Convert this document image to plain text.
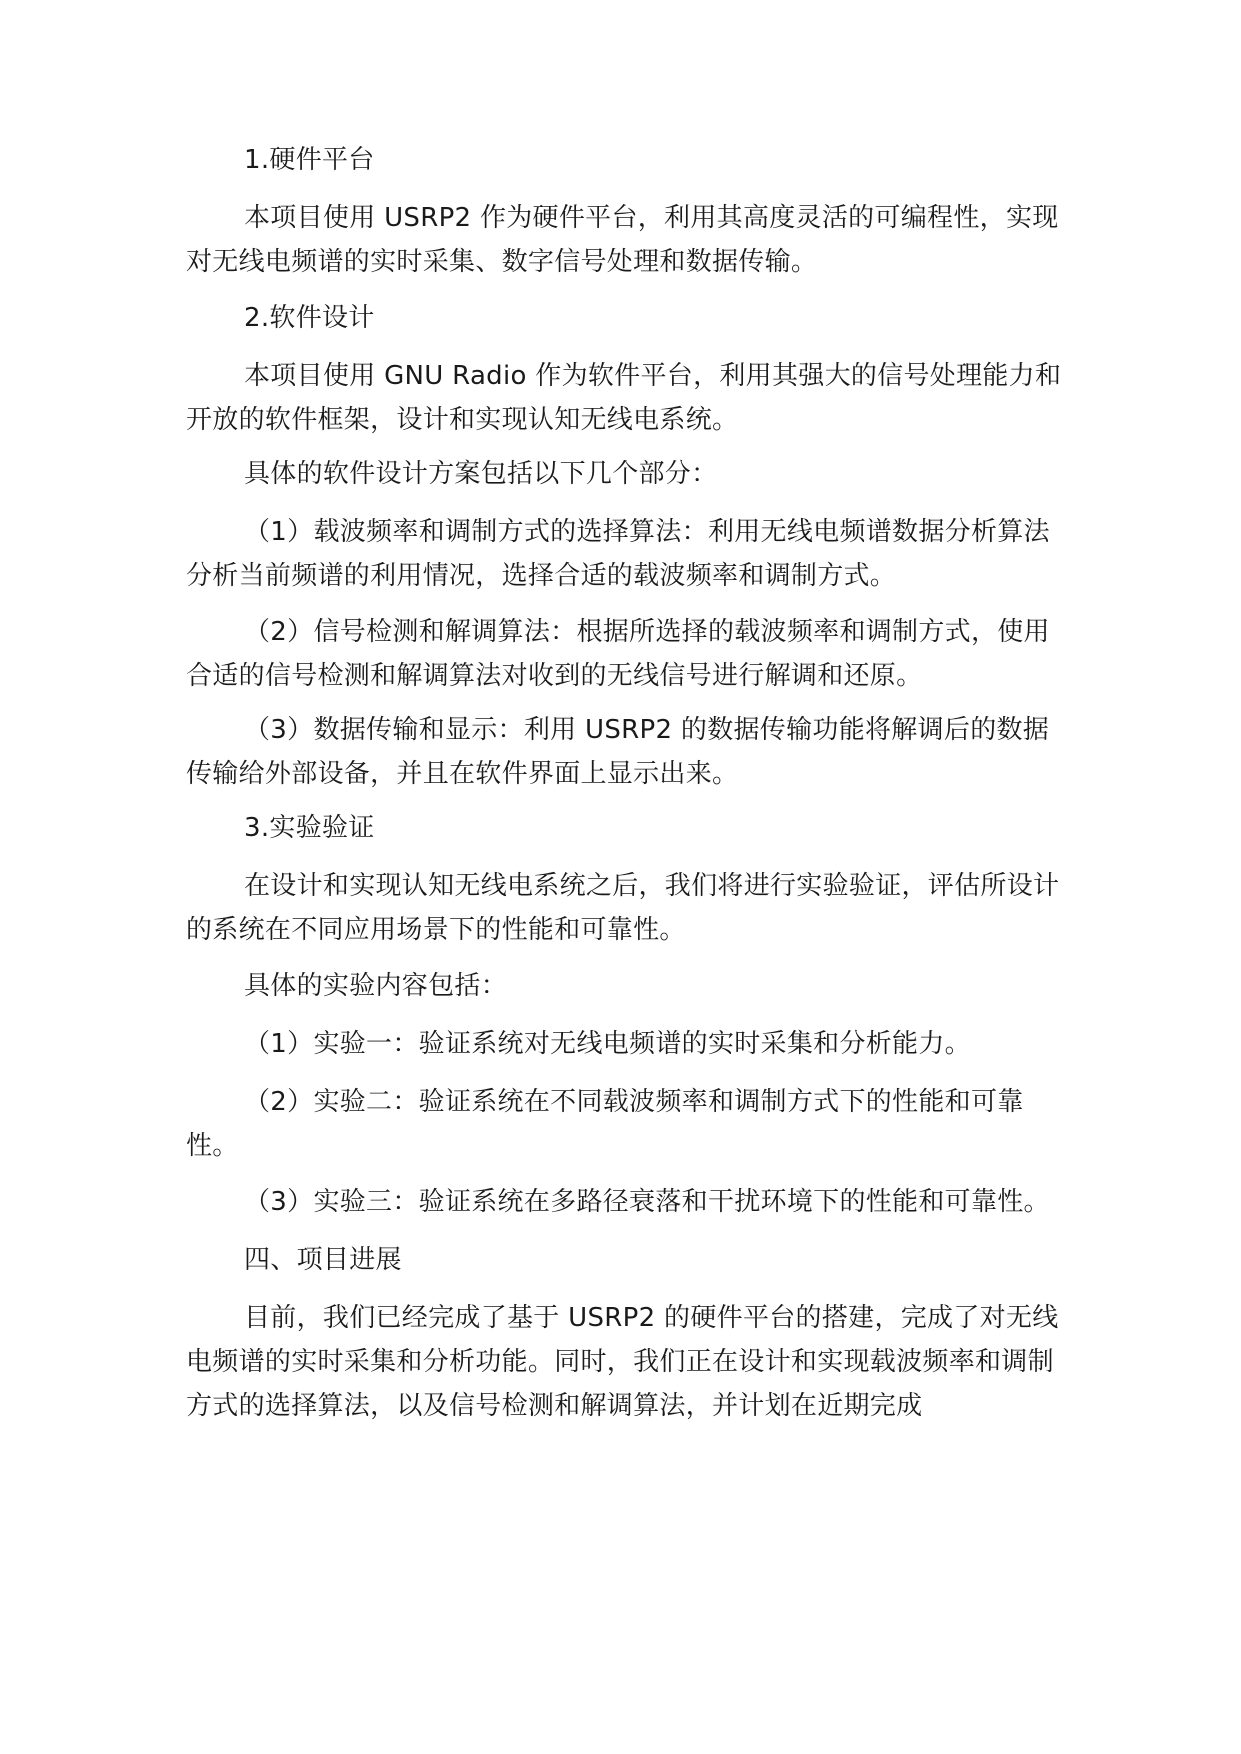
1.硬件平台

本项目使用 USRP2 作为硬件平台，利用其高度灵活的可编程性，实现对无线电频谱的实时采集、数字信号处理和数据传输。

2.软件设计

本项目使用 GNU Radio 作为软件平台，利用其强大的信号处理能力和开放的软件框架，设计和实现认知无线电系统。

具体的软件设计方案包括以下几个部分：

（1）载波频率和调制方式的选择算法：利用无线电频谱数据分析算法分析当前频谱的利用情况，选择合适的载波频率和调制方式。

（2）信号检测和解调算法：根据所选择的载波频率和调制方式，使用合适的信号检测和解调算法对收到的无线信号进行解调和还原。

（3）数据传输和显示：利用 USRP2 的数据传输功能将解调后的数据传输给外部设备，并且在软件界面上显示出来。

3.实验验证

在设计和实现认知无线电系统之后，我们将进行实验验证，评估所设计的系统在不同应用场景下的性能和可靠性。

具体的实验内容包括：

（1）实验一：验证系统对无线电频谱的实时采集和分析能力。

（2）实验二：验证系统在不同载波频率和调制方式下的性能和可靠性。

（3）实验三：验证系统在多路径衰落和干扰环境下的性能和可靠性。

四、项目进展

目前，我们已经完成了基于 USRP2 的硬件平台的搭建，完成了对无线电频谱的实时采集和分析功能。同时，我们正在设计和实现载波频率和调制方式的选择算法，以及信号检测和解调算法，并计划在近期完成
